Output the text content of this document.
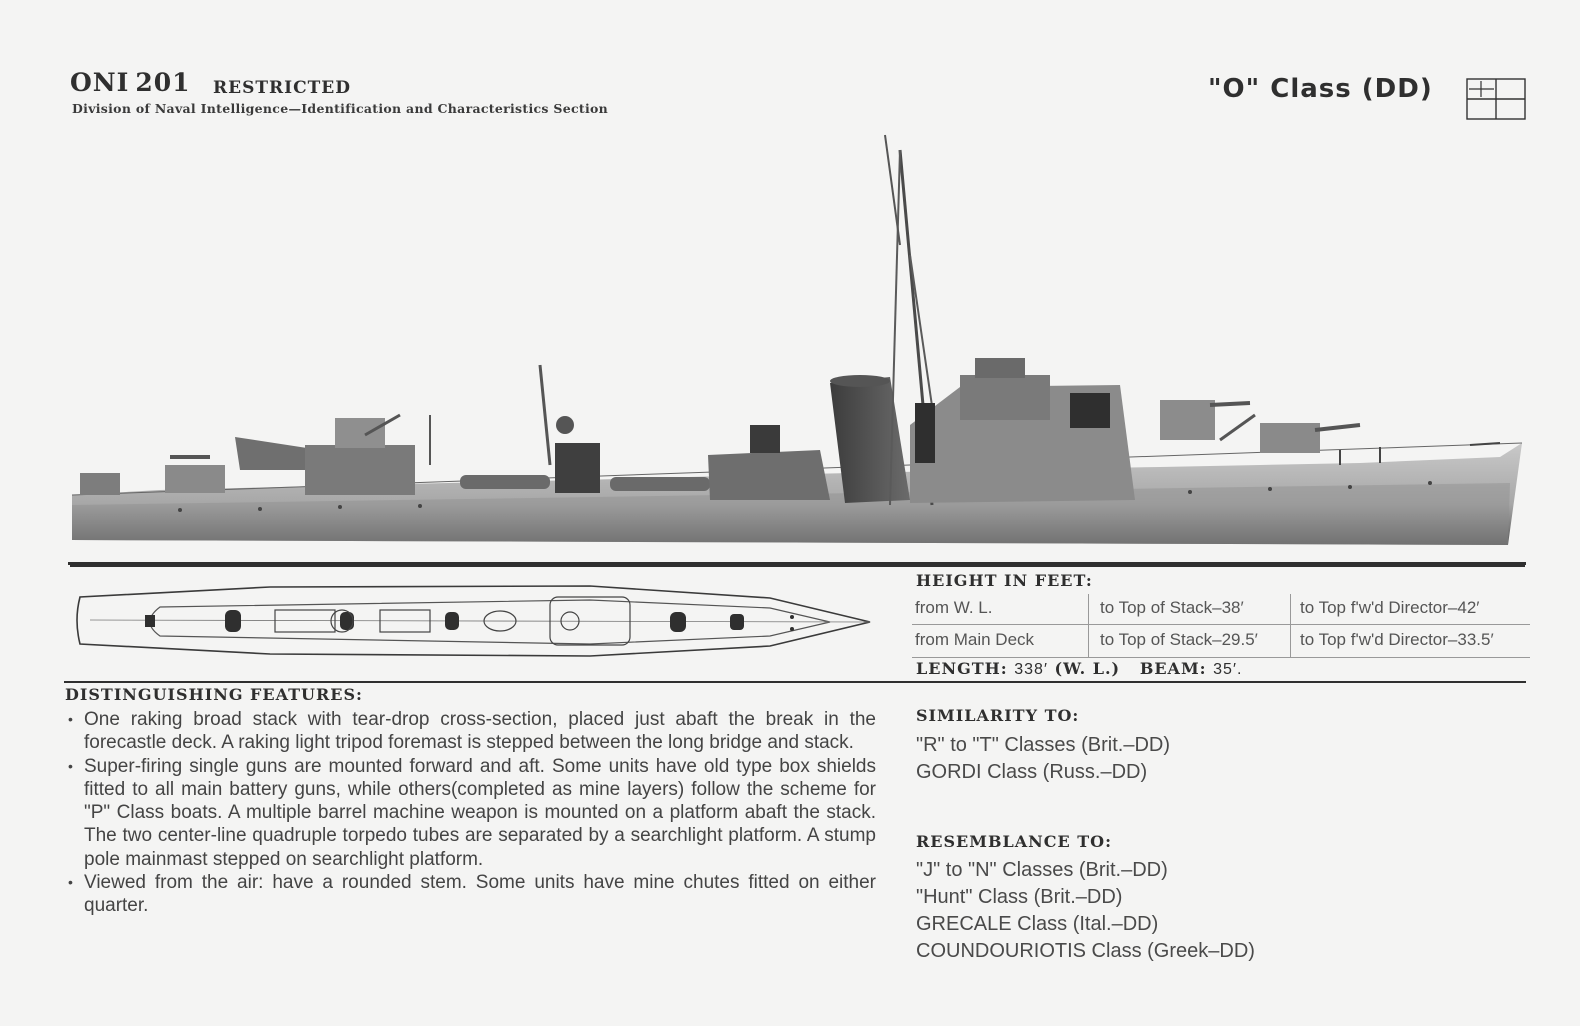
ONI 201 RESTRICTED
Division of Naval Intelligence—Identification and Characteristics Section
"O" Class (DD)
HEIGHT IN FEET:
from W. L.	to Top of Stack–38′	to Top f'w'd Director–42′
from Main Deck	to Top of Stack–29.5′ to Top f'w'd Director–33.5′
LENGTH: 338′ (W. L.) BEAM: 35′.
DISTINGUISHING FEATURES:
• One raking broad stack with tear-drop cross-section, placed just abaft the break in the forecastle deck. A raking light tripod foremast is stepped between the long bridge and stack.
• Super-firing single guns are mounted forward and aft. Some units have old type box shields fitted to all main battery guns, while others(completed as mine layers) follow the scheme for "P" Class boats. A multiple barrel machine weapon is mounted on a platform abaft the stack. The two center-line quadruple torpedo tubes are separated by a searchlight platform. A stump pole mainmast stepped on searchlight platform.
• Viewed from the air: have a rounded stem. Some units have mine chutes fitted on either quarter.
SIMILARITY TO:
"R" to "T" Classes (Brit.–DD)
GORDI Class (Russ.–DD)
RESEMBLANCE TO:
"J" to "N" Classes (Brit.–DD)
"Hunt" Class (Brit.–DD)
GRECALE Class (Ital.–DD)
COUNDOURIOTIS Class (Greek–DD)
